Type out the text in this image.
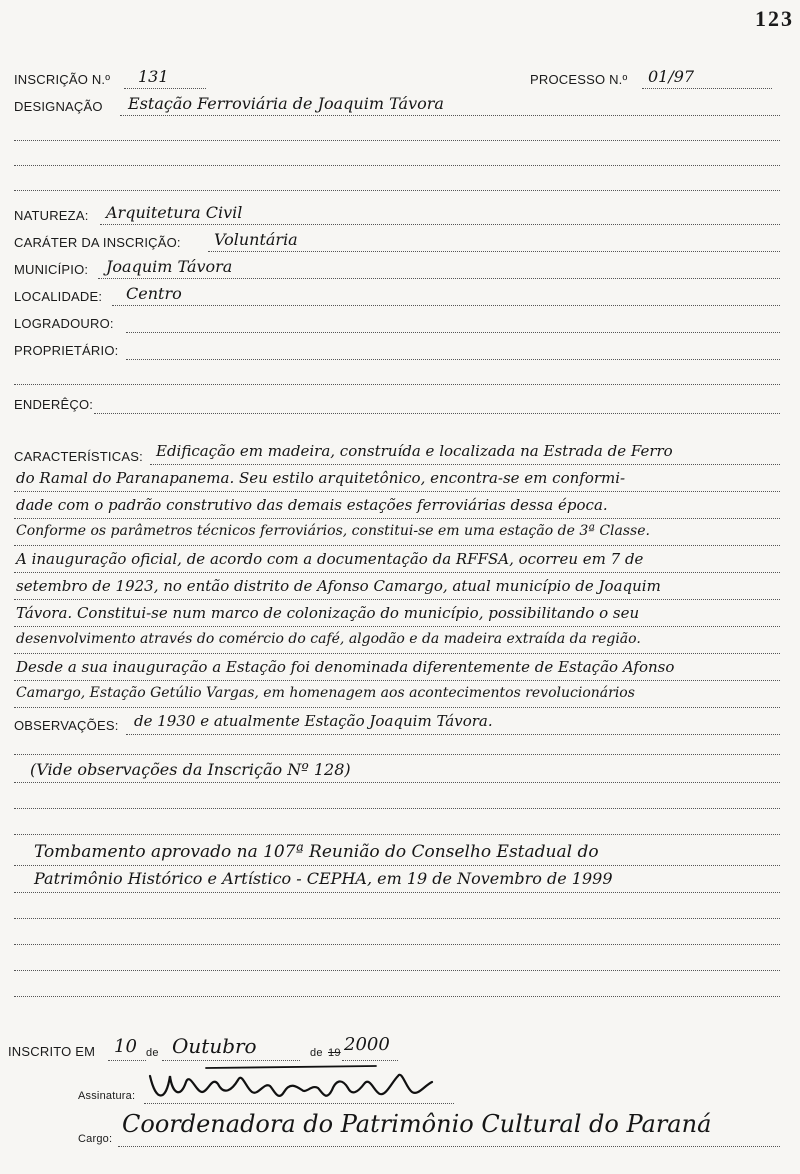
123
INSCRIÇÃO N.º 131	PROCESSO N.º 01/97
DESIGNAÇÃO Estação Ferroviária de Joaquim Távora
NATUREZA: Arquitetura Civil
CARÁTER DA INSCRIÇÃO: Voluntária
MUNICÍPIO: Joaquim Távora
LOCALIDADE: Centro
LOGRADOURO:
PROPRIETÁRIO:
ENDERÊÇO:
CARACTERÍSTICAS: Edificação em madeira, construída e localizada na Estrada de Ferro
do Ramal do Paranapanema. Seu estilo arquitetônico, encontra-se em conformi-
dade com o padrão construtivo das demais estações ferroviárias dessa época.
Conforme os parâmetros técnicos ferroviários, constitui-se em uma estação de 3ª Classe.
A inauguração oficial, de acordo com a documentação da RFFSA, ocorreu em 7 de
setembro de 1923, no então distrito de Afonso Camargo, atual município de Joaquim
Távora. Constitui-se num marco de colonização do município, possibilitando o seu
desenvolvimento através do comércio do café, algodão e da madeira extraída da região.
Desde a sua inauguração a Estação foi denominada diferentemente de Estação Afonso
Camargo, Estação Getúlio Vargas, em homenagem aos acontecimentos revolucionários
OBSERVAÇÕES: de 1930 e atualmente Estação Joaquim Távora.
(Vide observações da Inscrição Nº 128)
Tombamento aprovado na 107ª Reunião do Conselho Estadual do
Patrimônio Histórico e Artístico - CEPHA, em 19 de Novembro de 1999
INSCRITO EM 10 de Outubro	de 19 2000
Assinatura:
Cargo:
Coordenadora do Patrimônio Cultural do Paraná
